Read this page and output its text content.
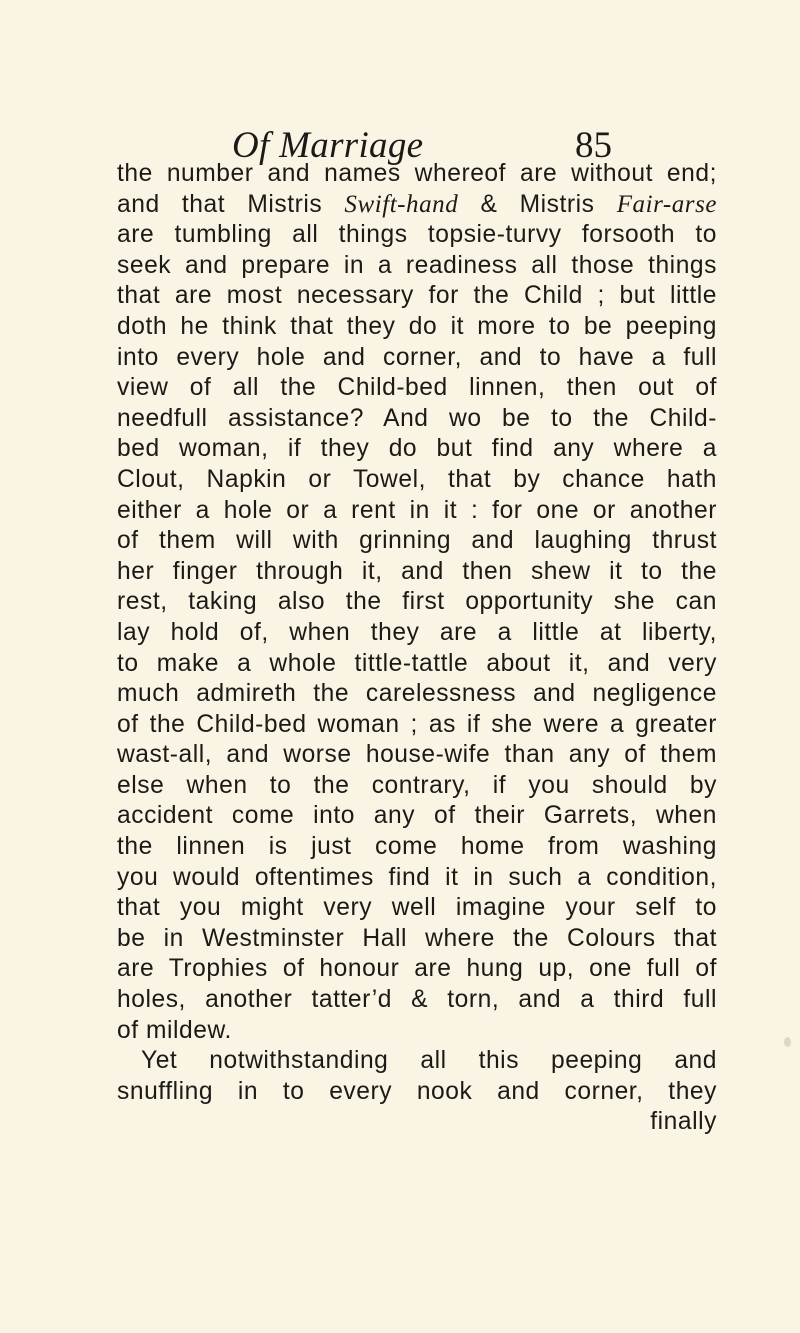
Of Marriage	85
the number and names whereof are without end;
and that Mistris Swift-hand & Mistris Fair-arse
are tumbling all things topsie-turvy forsooth to
seek and prepare in a readiness all those things
that are most necessary for the Child ; but little
doth he think that they do it more to be peeping
into every hole and corner, and to have a full
view of all the Child-bed linnen, then out of
needfull assistance? And wo be to the Child-
bed woman, if they do but find any where a
Clout, Napkin or Towel, that by chance hath
either a hole or a rent in it : for one or another
of them will with grinning and laughing thrust
her finger through it, and then shew it to the
rest, taking also the first opportunity she can
lay hold of, when they are a little at liberty,
to make a whole tittle-tattle about it, and very
much admireth the carelessness and negligence
of the Child-bed woman ; as if she were a greater
wast-all, and worse house-wife than any of them
else when to the contrary, if you should by
accident come into any of their Garrets, when
the linnen is just come home from washing
you would oftentimes find it in such a condition,
that you might very well imagine your self to
be in Westminster Hall where the Colours that
are Trophies of honour are hung up, one full of
holes, another tatter’d & torn, and a third full
of mildew.
Yet notwithstanding all this peeping and
snuffling in to every nook and corner, they
finally
